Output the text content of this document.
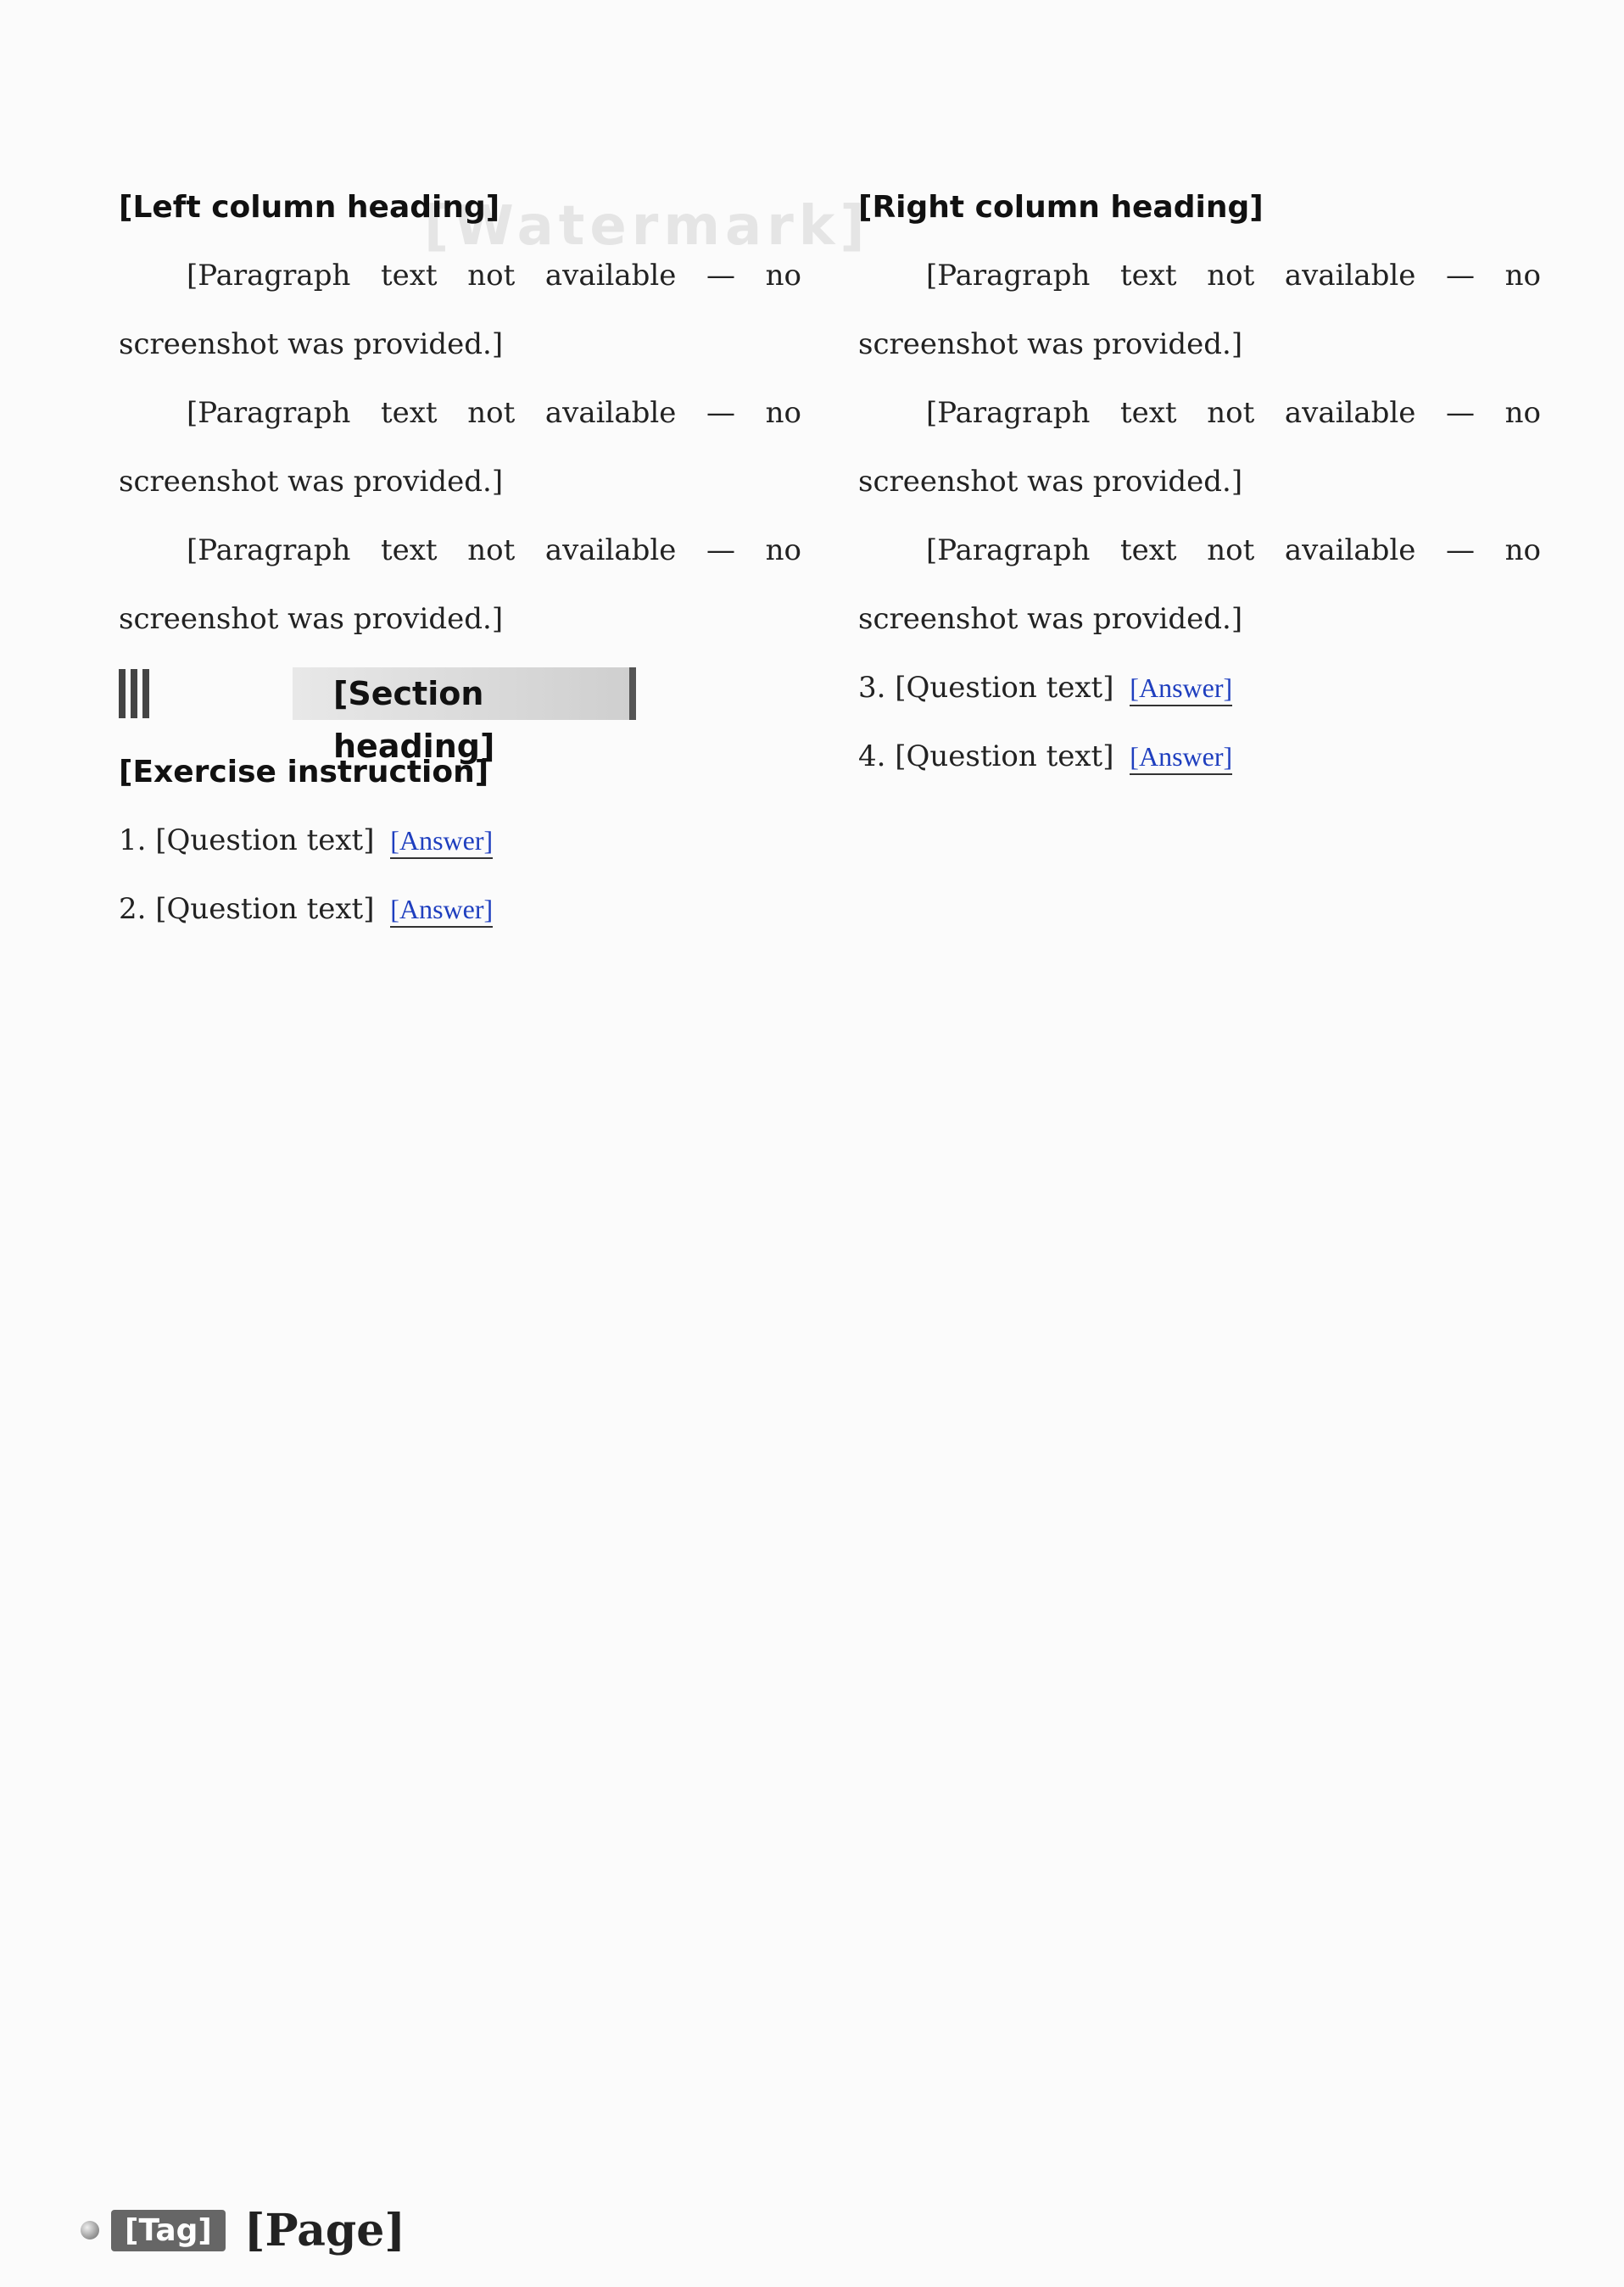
[Watermark]

[Left column heading]

[Paragraph text not available — no screenshot was provided.]

[Paragraph text not available — no screenshot was provided.]

[Paragraph text not available — no screenshot was provided.]

[Section heading]

[Exercise instruction]

1. [Question text] [Answer]

2. [Question text] [Answer]

[Right column heading]

[Paragraph text not available — no screenshot was provided.]

[Paragraph text not available — no screenshot was provided.]

[Paragraph text not available — no screenshot was provided.]

3. [Question text] [Answer]

4. [Question text] [Answer]

[Tag] [Page]
